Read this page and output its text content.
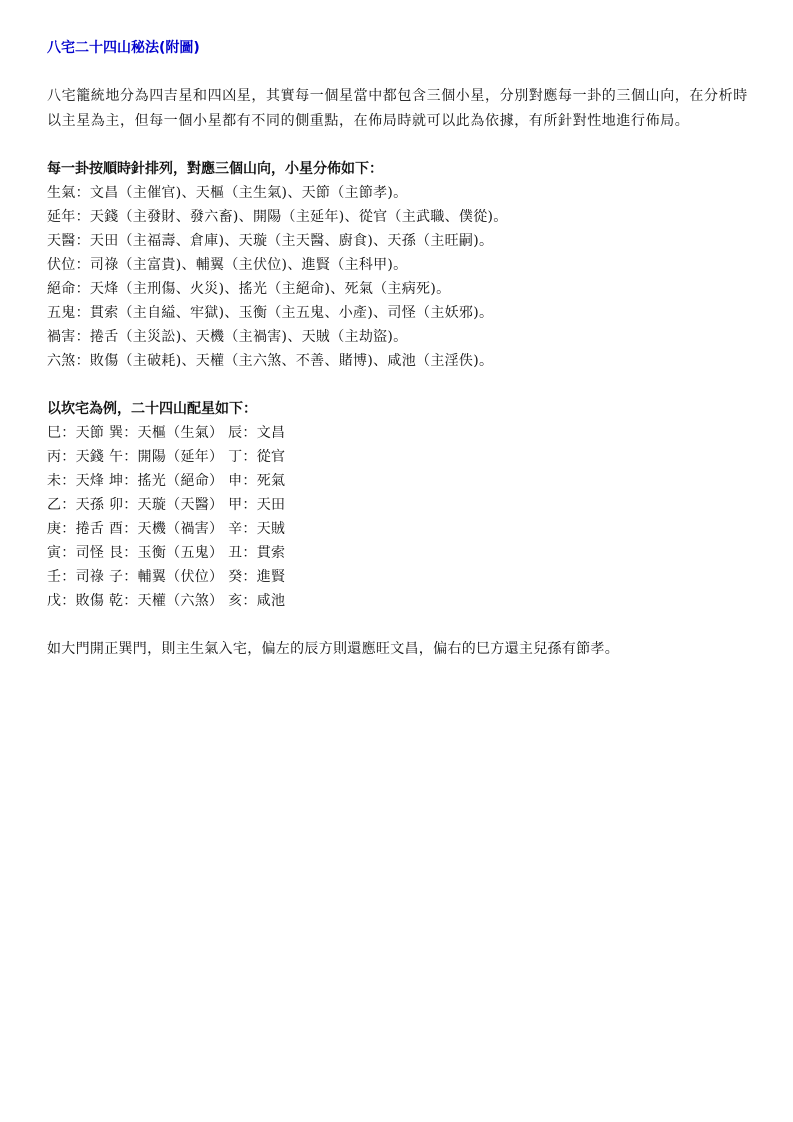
八宅二十四山秘法(附圖)
八宅籠統地分為四吉星和四凶星，其實每一個星當中都包含三個小星，分別對應每一卦的三個山向，在分析時以主星為主，但每一個小星都有不同的側重點，在佈局時就可以此為依據，有所針對性地進行佈局。
每一卦按順時針排列，對應三個山向，小星分佈如下：
生氣：文昌（主催官)、天樞（主生氣)、天節（主節孝)。
延年：天錢（主發財、發六畜)、開陽（主延年)、從官（主武職、僕從)。
天醫：天田（主福壽、倉庫)、天璇（主天醫、廚食)、天孫（主旺嗣)。
伏位：司祿（主富貴)、輔翼（主伏位)、進賢（主科甲)。
絕命：天烽（主刑傷、火災)、搖光（主絕命)、死氣（主病死)。
五鬼：貫索（主自縊、牢獄)、玉衡（主五鬼、小產)、司怪（主妖邪)。
禍害：捲舌（主災訟)、天機（主禍害)、天賊（主劫盜)。
六煞：敗傷（主破耗)、天權（主六煞、不善、賭博)、咸池（主淫佚)。
以坎宅為例，二十四山配星如下：
巳：天節 巽：天樞（生氣） 辰：文昌
丙：天錢 午：開陽（延年） 丁：從官
未：天烽 坤：搖光（絕命） 申：死氣
乙：天孫 卯：天璇（天醫） 甲：天田
庚：捲舌 酉：天機（禍害） 辛：天賊
寅：司怪 艮：玉衡（五鬼） 丑：貫索
壬：司祿 子：輔翼（伏位） 癸：進賢
戊：敗傷 乾：天權（六煞） 亥：咸池
如大門開正巽門，則主生氣入宅，偏左的辰方則還應旺文昌，偏右的巳方還主兒孫有節孝。
